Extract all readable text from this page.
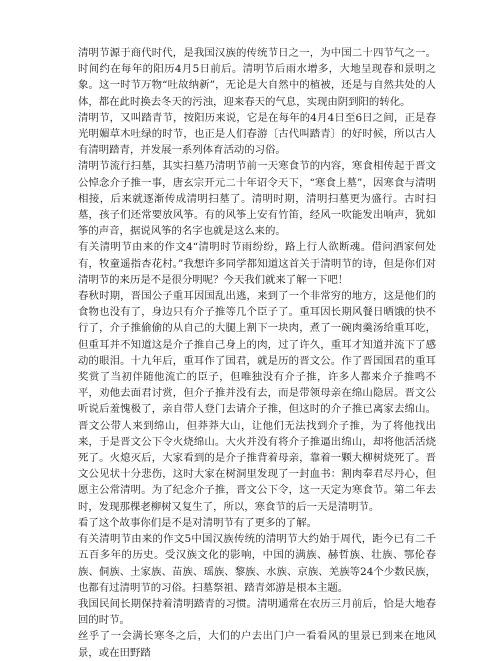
清明节源于商代时代，是我国汉族的传统节日之一，为中国二十四节气之一。时间约在每年的阳历4月5日前后。清明节后雨水增多，大地呈现春和景明之象。这一时节万物“吐故纳新”，无论是大自然中的植被，还是与自然共处的人体，都在此时换去冬天的污浊，迎来春天的气息，实现由阴到阳的转化。

清明节，又叫踏青节，按阳历来说，它是在每年的4月4日至6日之间，正是春光明媚草木吐绿的时节，也正是人们春游〔古代叫踏青〕的好时候，所以古人有清明踏青，并发展一系列体育活动的习俗。

清明节流行扫墓，其实扫墓乃清明节前一天寒食节的内容，寒食相传起于晋文公悼念介子推一事，唐玄宗开元二十年诏令天下，“寒食上墓”，因寒食与清明相接，后来就逐渐传成清明扫墓了。清明时期，清明扫墓更为盛行。古时扫墓，孩子们还常要放风筝。有的风筝上安有竹笛，经风一吹能发出响声，犹如筝的声音，据说风筝的名字也就是这么来的。

有关清明节由来的作文4“清明时节雨纷纷，路上行人欲断魂。借问酒家何处有，牧童遥指杏花村。”我想许多同学都知道这首关于清明节的诗，但是你们对清明节的来历是不是很分明呢？今天我们就来了解一下吧！

春秋时期，晋国公子重耳因国乱出逃，来到了一个非常穷的地方，这是他们的食物也没有了，身边只有介子推等几个臣子了。重耳因长期风餐日晒饿的快不行了，介子推偷偷的从自己的大腿上割下一块肉，煮了一碗肉羹汤给重耳吃，但重耳并不知道这是介子推自己身上的肉，过了许久，重耳才知道并流下了感动的眼泪。十九年后，重耳作了国君，就是历的晋文公。作了晋国国君的重耳奖赏了当初伴随他流亡的臣子，但唯独没有介子推，许多人都来介子推鸣不平，劝他去面君讨赏，但介子推并没有去，而是带领母亲在绵山隐居。晋文公听说后羞愧极了，亲自带人登门去请介子推，但这时的介子推已离家去绵山。晋文公带人来到绵山，但莽莽大山，让他们无法找到介子推，为了将他找出来，于是晋文公下令火烧绵山。大火并没有将介子推逼出绵山，却将他活活烧死了。火熄灭后，大家看到的是介子推背着母亲，靠着一颗大柳树烧死了。晋文公见状十分悲伤，这时大家在树洞里发现了一封血书：割肉奉君尽丹心，但愿主公常清明。为了纪念介子推，晋文公下令，这一天定为寒食节。第二年去时，发现那棵老柳树又复生了，所以，寒食节的后一天是清明节。

看了这个故事你们是不是对清明节有了更多的了解。

有关清明节由来的作文5中国汉族传统的清明节大约始于周代，距今已有二千五百多年的历史。受汉族文化的影响，中国的满族、赫哲族、壮族、鄂伦春族、侗族、土家族、苗族、瑶族、黎族、水族、京族、羌族等24个少数民族，也都有过清明节的习俗。扫墓祭祖、踏青郊游是根本主题。

我国民间长期保持着清明踏青的习惯。清明通常在农历三月前后，恰是大地春回的时节。

丝乎了一会满长寒冬之后，大们的户去出门户一看看风的里景已到来在地风景，或在田野踏
